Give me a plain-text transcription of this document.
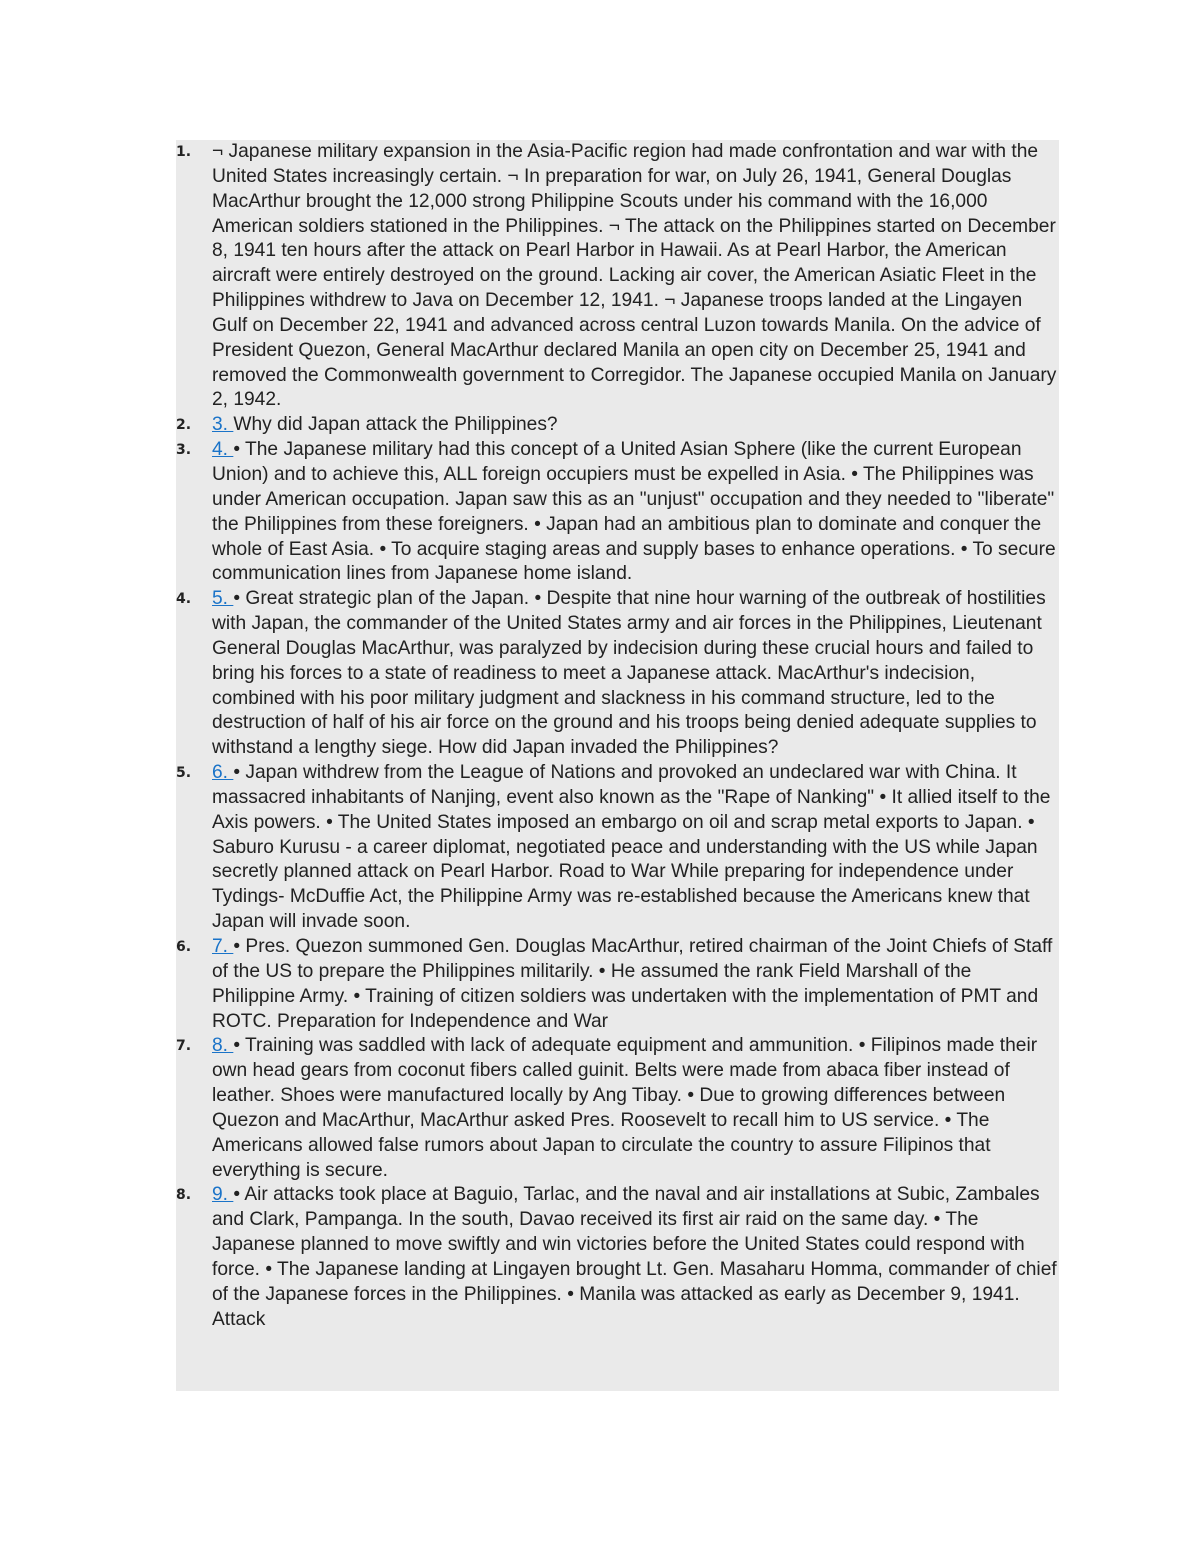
1. ¬ Japanese military expansion in the Asia-Pacific region had made confrontation and war with the United States increasingly certain. ¬ In preparation for war, on July 26, 1941, General Douglas MacArthur brought the 12,000 strong Philippine Scouts under his command with the 16,000 American soldiers stationed in the Philippines. ¬ The attack on the Philippines started on December 8, 1941 ten hours after the attack on Pearl Harbor in Hawaii. As at Pearl Harbor, the American aircraft were entirely destroyed on the ground. Lacking air cover, the American Asiatic Fleet in the Philippines withdrew to Java on December 12, 1941. ¬ Japanese troops landed at the Lingayen Gulf on December 22, 1941 and advanced across central Luzon towards Manila. On the advice of President Quezon, General MacArthur declared Manila an open city on December 25, 1941 and removed the Commonwealth government to Corregidor. The Japanese occupied Manila on January 2, 1942.
2. 3. Why did Japan attack the Philippines?
3. 4. • The Japanese military had this concept of a United Asian Sphere (like the current European Union) and to achieve this, ALL foreign occupiers must be expelled in Asia. • The Philippines was under American occupation. Japan saw this as an "unjust" occupation and they needed to "liberate" the Philippines from these foreigners. • Japan had an ambitious plan to dominate and conquer the whole of East Asia. • To acquire staging areas and supply bases to enhance operations. • To secure communication lines from Japanese home island.
4. 5. • Great strategic plan of the Japan. • Despite that nine hour warning of the outbreak of hostilities with Japan, the commander of the United States army and air forces in the Philippines, Lieutenant General Douglas MacArthur, was paralyzed by indecision during these crucial hours and failed to bring his forces to a state of readiness to meet a Japanese attack. MacArthur's indecision, combined with his poor military judgment and slackness in his command structure, led to the destruction of half of his air force on the ground and his troops being denied adequate supplies to withstand a lengthy siege. How did Japan invaded the Philippines?
5. 6. • Japan withdrew from the League of Nations and provoked an undeclared war with China. It massacred inhabitants of Nanjing, event also known as the "Rape of Nanking" • It allied itself to the Axis powers. • The United States imposed an embargo on oil and scrap metal exports to Japan. • Saburo Kurusu - a career diplomat, negotiated peace and understanding with the US while Japan secretly planned attack on Pearl Harbor. Road to War While preparing for independence under Tydings- McDuffie Act, the Philippine Army was re-established because the Americans knew that Japan will invade soon.
6. 7. • Pres. Quezon summoned Gen. Douglas MacArthur, retired chairman of the Joint Chiefs of Staff of the US to prepare the Philippines militarily. • He assumed the rank Field Marshall of the Philippine Army. • Training of citizen soldiers was undertaken with the implementation of PMT and ROTC. Preparation for Independence and War
7. 8. • Training was saddled with lack of adequate equipment and ammunition. • Filipinos made their own head gears from coconut fibers called guinit. Belts were made from abaca fiber instead of leather. Shoes were manufactured locally by Ang Tibay. • Due to growing differences between Quezon and MacArthur, MacArthur asked Pres. Roosevelt to recall him to US service. • The Americans allowed false rumors about Japan to circulate the country to assure Filipinos that everything is secure.
8. 9. • Air attacks took place at Baguio, Tarlac, and the naval and air installations at Subic, Zambales and Clark, Pampanga. In the south, Davao received its first air raid on the same day. • The Japanese planned to move swiftly and win victories before the United States could respond with force. • The Japanese landing at Lingayen brought Lt. Gen. Masaharu Homma, commander of chief of the Japanese forces in the Philippines. • Manila was attacked as early as December 9, 1941. Attack
